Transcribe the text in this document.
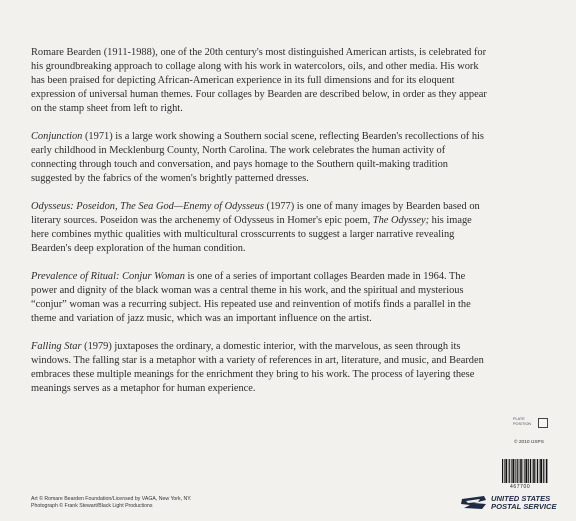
Romare Bearden (1911-1988), one of the 20th century's most distinguished American artists, is celebrated for his groundbreaking approach to collage along with his work in watercolors, oils, and other media. His work has been praised for depicting African-American experience in its full dimensions and for its eloquent expression of universal human themes. Four collages by Bearden are described below, in order as they appear on the stamp sheet from left to right.

Conjunction (1971) is a large work showing a Southern social scene, reflecting Bearden's recollections of his early childhood in Mecklenburg County, North Carolina. The work celebrates the human activity of connecting through touch and conversation, and pays homage to the Southern quilt-making tradition suggested by the fabrics of the women's brightly patterned dresses.

Odysseus: Poseidon, The Sea God—Enemy of Odysseus (1977) is one of many images by Bearden based on literary sources. Poseidon was the archenemy of Odysseus in Homer's epic poem, The Odyssey; his image here combines mythic qualities with multicultural crosscurrents to suggest a larger narrative revealing Bearden's deep exploration of the human condition.

Prevalence of Ritual: Conjur Woman is one of a series of important collages Bearden made in 1964. The power and dignity of the black woman was a central theme in his work, and the spiritual and mysterious “conjur” woman was a recurring subject. His repeated use and reinvention of motifs finds a parallel in the theme and variation of jazz music, which was an important influence on the artist.

Falling Star (1979) juxtaposes the ordinary, a domestic interior, with the marvelous, as seen through its windows. The falling star is a metaphor with a variety of references in art, literature, and music, and Bearden embraces these multiple meanings for the enrichment they bring to his work. The process of layering these meanings serves as a metaphor for human experience.

PLATE
POSITION
© 2010 USPS
467700
UNITED STATES
POSTAL SERVICE
Art © Romare Bearden Foundation/Licensed by VAGA, New York, NY.
Photograph © Frank Stewart/Black Light Productions
